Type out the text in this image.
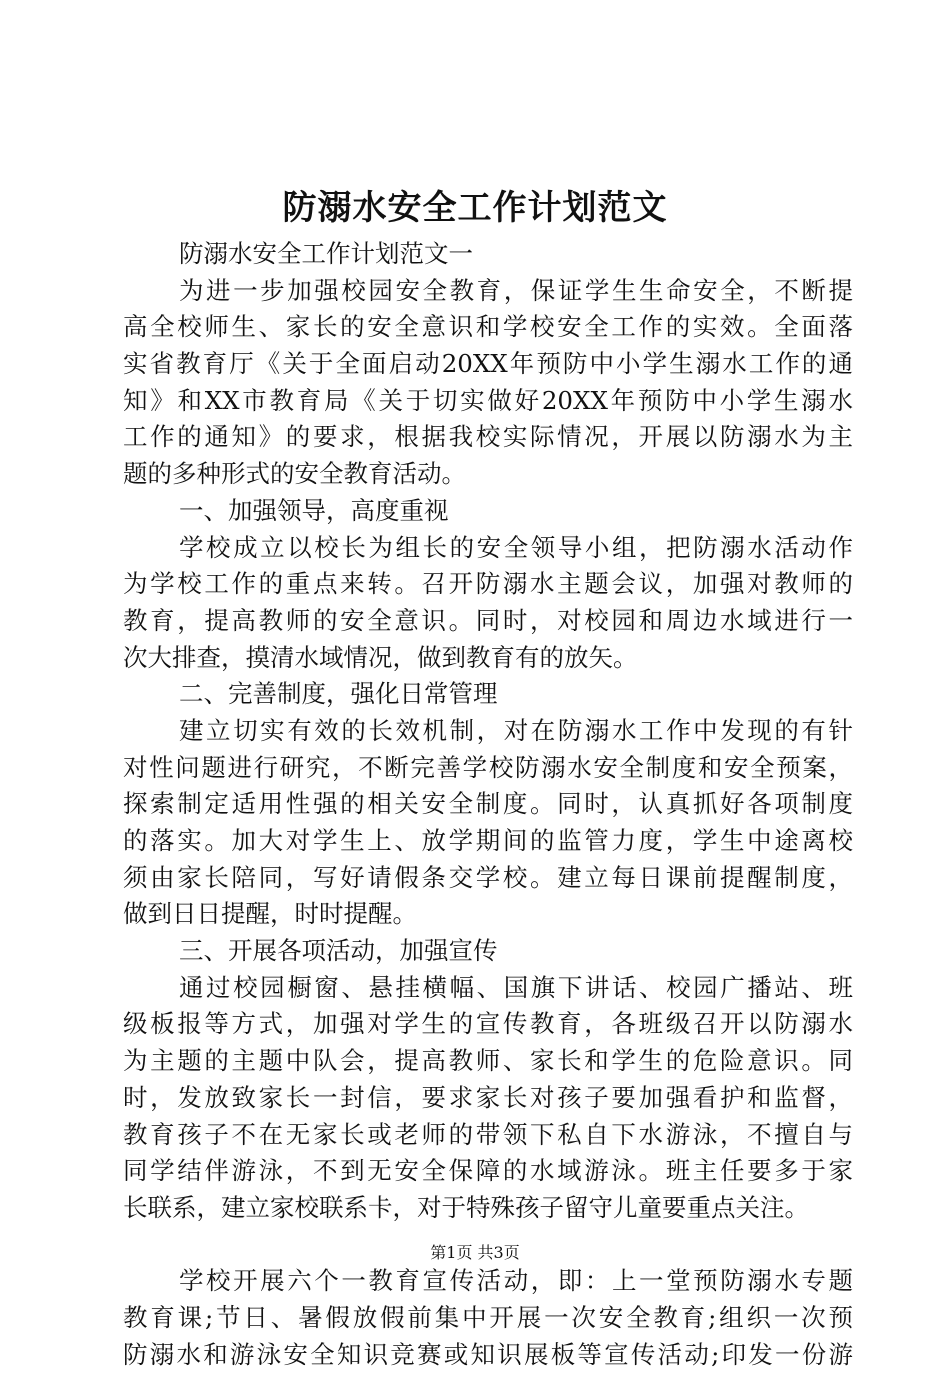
防溺水安全工作计划范文
防溺水安全工作计划范文一
为进一步加强校园安全教育，保证学生生命安全，不断提
高全校师生、家长的安全意识和学校安全工作的实效。全面落
实省教育厅《关于全面启动20XX年预防中小学生溺水工作的通
知》和XX市教育局《关于切实做好20XX年预防中小学生溺水
工作的通知》的要求，根据我校实际情况，开展以防溺水为主
题的多种形式的安全教育活动。
一、加强领导，高度重视
学校成立以校长为组长的安全领导小组，把防溺水活动作
为学校工作的重点来转。召开防溺水主题会议，加强对教师的
教育，提高教师的安全意识。同时，对校园和周边水域进行一
次大排查，摸清水域情况，做到教育有的放矢。
二、完善制度，强化日常管理
建立切实有效的长效机制，对在防溺水工作中发现的有针
对性问题进行研究，不断完善学校防溺水安全制度和安全预案，
探索制定适用性强的相关安全制度。同时，认真抓好各项制度
的落实。加大对学生上、放学期间的监管力度，学生中途离校
须由家长陪同，写好请假条交学校。建立每日课前提醒制度，
做到日日提醒，时时提醒。
三、开展各项活动，加强宣传
通过校园橱窗、悬挂横幅、国旗下讲话、校园广播站、班
级板报等方式，加强对学生的宣传教育，各班级召开以防溺水
为主题的主题中队会，提高教师、家长和学生的危险意识。同
时，发放致家长一封信，要求家长对孩子要加强看护和监督，
教育孩子不在无家长或老师的带领下私自下水游泳，不擅自与
同学结伴游泳，不到无安全保障的水域游泳。班主任要多于家
长联系，建立家校联系卡，对于特殊孩子留守儿童要重点关注。
学校开展六个一教育宣传活动，即：上一堂预防溺水专题
教育课;节日、暑假放假前集中开展一次安全教育;组织一次预
防溺水和游泳安全知识竞赛或知识展板等宣传活动;印发一份游
第1页 共3页
